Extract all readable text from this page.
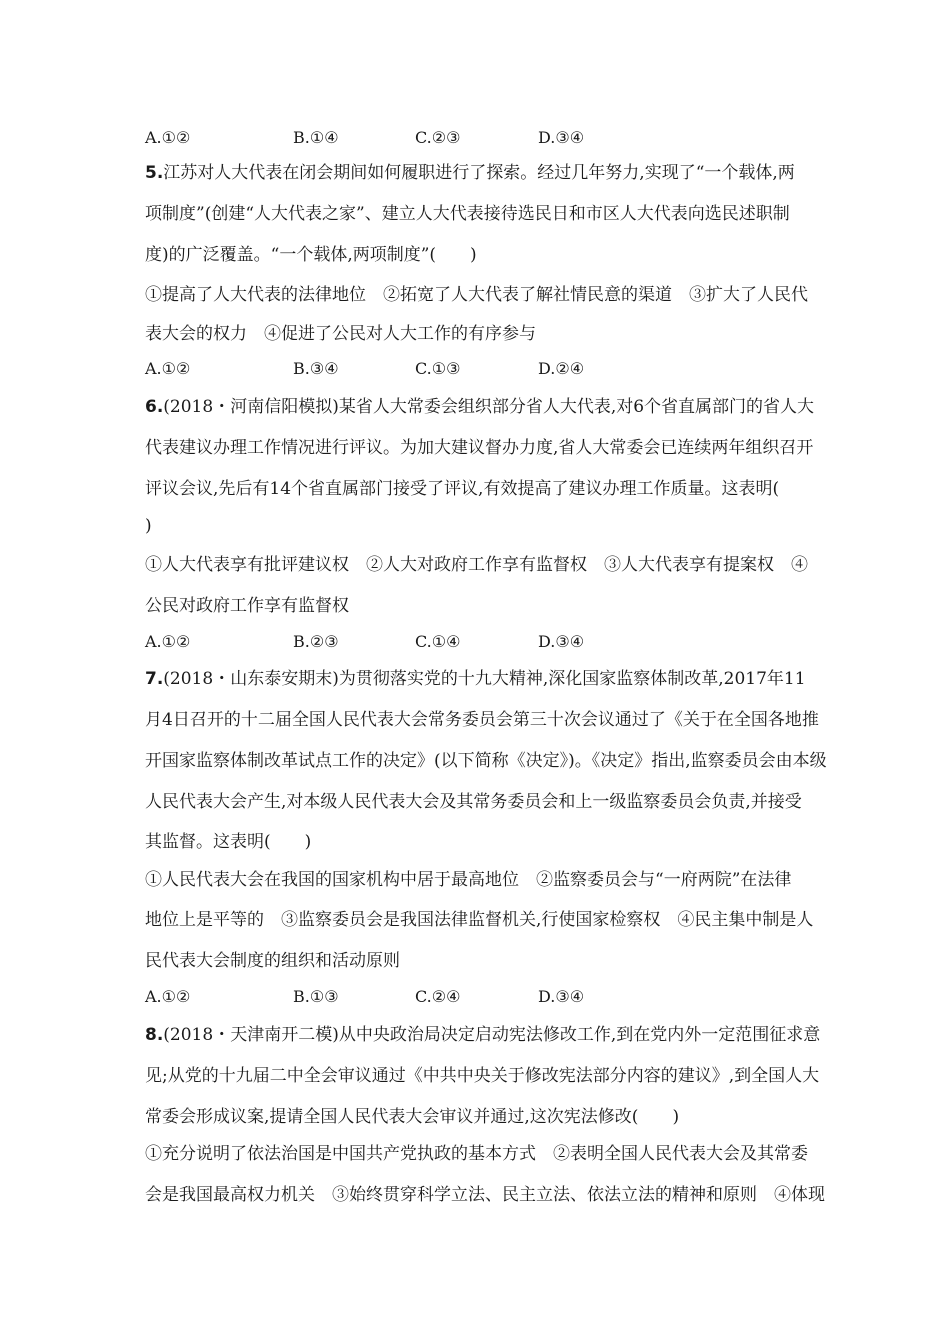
A.①②	B.①④	C.②③	D.③④
5.江苏对人大代表在闭会期间如何履职进行了探索。经过几年努力,实现了“一个载体,两
项制度”(创建“人大代表之家”、建立人大代表接待选民日和市区人大代表向选民述职制
度)的广泛覆盖。“一个载体,两项制度”(　　)
①提高了人大代表的法律地位　②拓宽了人大代表了解社情民意的渠道　③扩大了人民代
表大会的权力　④促进了公民对人大工作的有序参与
A.①②	B.③④	C.①③	D.②④
6.(2018・河南信阳模拟)某省人大常委会组织部分省人大代表,对6个省直属部门的省人大
代表建议办理工作情况进行评议。为加大建议督办力度,省人大常委会已连续两年组织召开
评议会议,先后有14个省直属部门接受了评议,有效提高了建议办理工作质量。这表明(
)
①人大代表享有批评建议权　②人大对政府工作享有监督权　③人大代表享有提案权　④
公民对政府工作享有监督权
A.①②	B.②③	C.①④	D.③④
7.(2018・山东泰安期末)为贯彻落实党的十九大精神,深化国家监察体制改革,2017年11
月4日召开的十二届全国人民代表大会常务委员会第三十次会议通过了《关于在全国各地推
开国家监察体制改革试点工作的决定》(以下简称《决定》)。《决定》指出,监察委员会由本级
人民代表大会产生,对本级人民代表大会及其常务委员会和上一级监察委员会负责,并接受
其监督。这表明(　　)
①人民代表大会在我国的国家机构中居于最高地位　②监察委员会与“一府两院”在法律
地位上是平等的　③监察委员会是我国法律监督机关,行使国家检察权　④民主集中制是人
民代表大会制度的组织和活动原则
A.①②	B.①③	C.②④	D.③④
8.(2018・天津南开二模)从中央政治局决定启动宪法修改工作,到在党内外一定范围征求意
见;从党的十九届二中全会审议通过《中共中央关于修改宪法部分内容的建议》,到全国人大
常委会形成议案,提请全国人民代表大会审议并通过,这次宪法修改(　　)
①充分说明了依法治国是中国共产党执政的基本方式　②表明全国人民代表大会及其常委
会是我国最高权力机关　③始终贯穿科学立法、民主立法、依法立法的精神和原则　④体现
